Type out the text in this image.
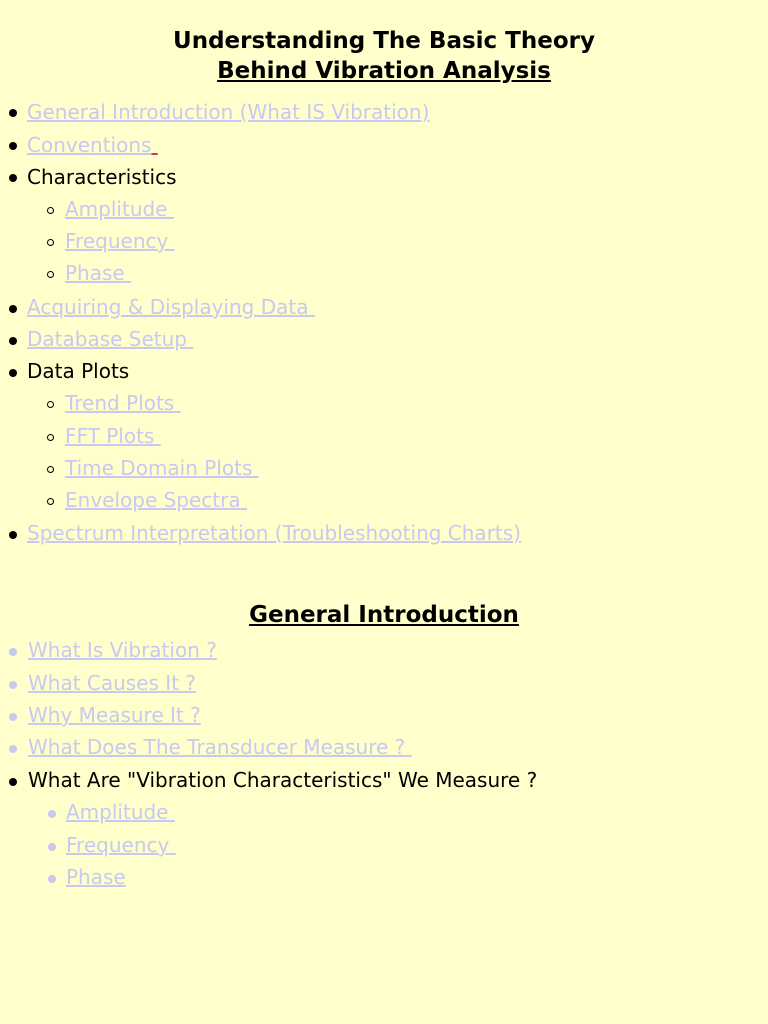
Understanding The Basic Theory
Behind Vibration Analysis
General Introduction (What IS Vibration)
Conventions
Characteristics
Amplitude
Frequency
Phase
Acquiring & Displaying Data
Database Setup
Data Plots
Trend Plots
FFT Plots
Time Domain Plots
Envelope Spectra
Spectrum Interpretation (Troubleshooting Charts)
General Introduction
What Is Vibration ?
What Causes It ?
Why Measure It ?
What Does The Transducer Measure ?
What Are "Vibration Characteristics" We Measure ?
Amplitude
Frequency
Phase
